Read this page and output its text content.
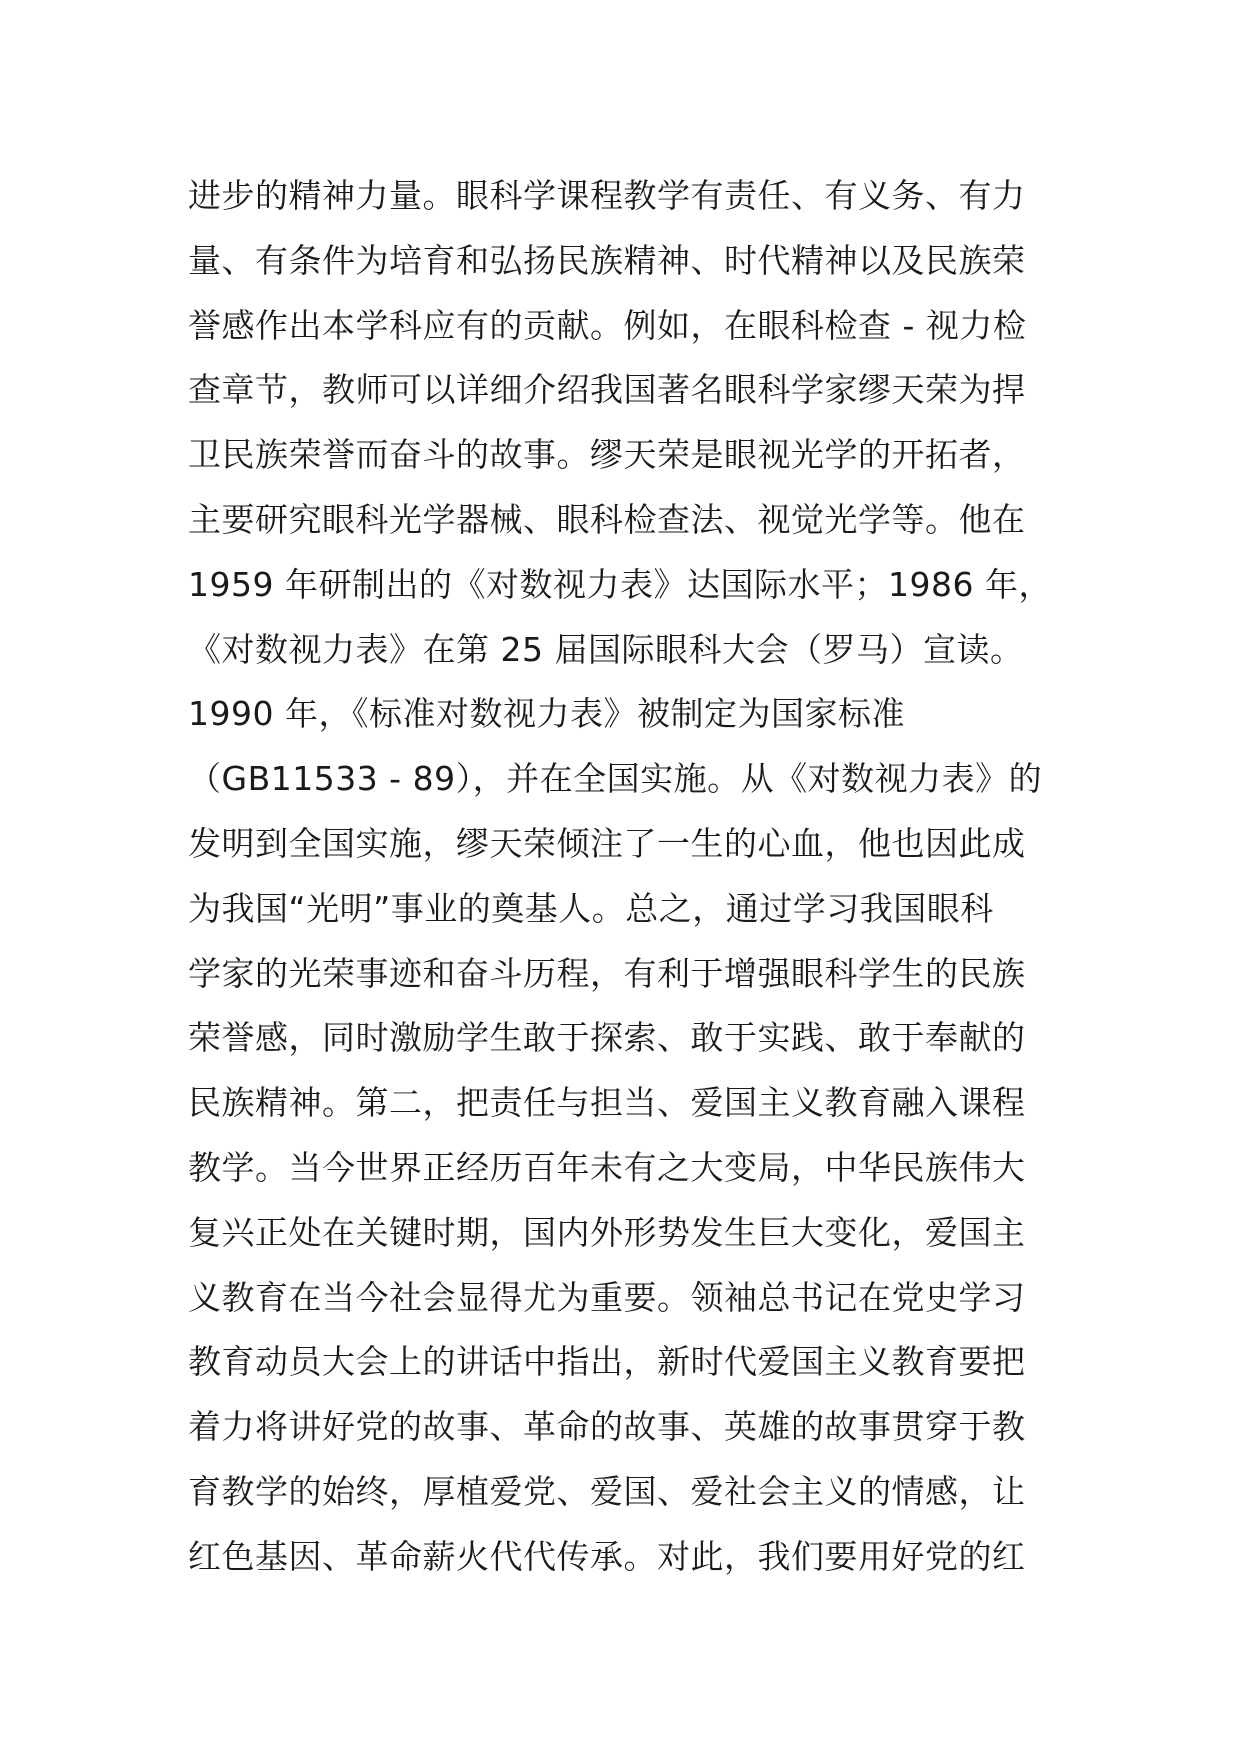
进步的精神力量。眼科学课程教学有责任、有义务、有力
量、有条件为培育和弘扬民族精神、时代精神以及民族荣
誉感作出本学科应有的贡献。例如，在眼科检查 - 视力检
查章节，教师可以详细介绍我国著名眼科学家缪天荣为捍
卫民族荣誉而奋斗的故事。缪天荣是眼视光学的开拓者，
主要研究眼科光学器械、眼科检查法、视觉光学等。他在
1959 年研制出的《对数视力表》达国际水平；1986 年，
《对数视力表》在第 25 届国际眼科大会（罗马）宣读。
1990 年，《标准对数视力表》被制定为国家标准
（GB11533 - 89），并在全国实施。从《对数视力表》的
发明到全国实施，缪天荣倾注了一生的心血，他也因此成
为我国“光明”事业的奠基人。总之，通过学习我国眼科
学家的光荣事迹和奋斗历程，有利于增强眼科学生的民族
荣誉感，同时激励学生敢于探索、敢于实践、敢于奉献的
民族精神。第二，把责任与担当、爱国主义教育融入课程
教学。当今世界正经历百年未有之大变局，中华民族伟大
复兴正处在关键时期，国内外形势发生巨大变化，爱国主
义教育在当今社会显得尤为重要。领袖总书记在党史学习
教育动员大会上的讲话中指出，新时代爱国主义教育要把
着力将讲好党的故事、革命的故事、英雄的故事贯穿于教
育教学的始终，厚植爱党、爱国、爱社会主义的情感，让
红色基因、革命薪火代代传承。对此，我们要用好党的红
